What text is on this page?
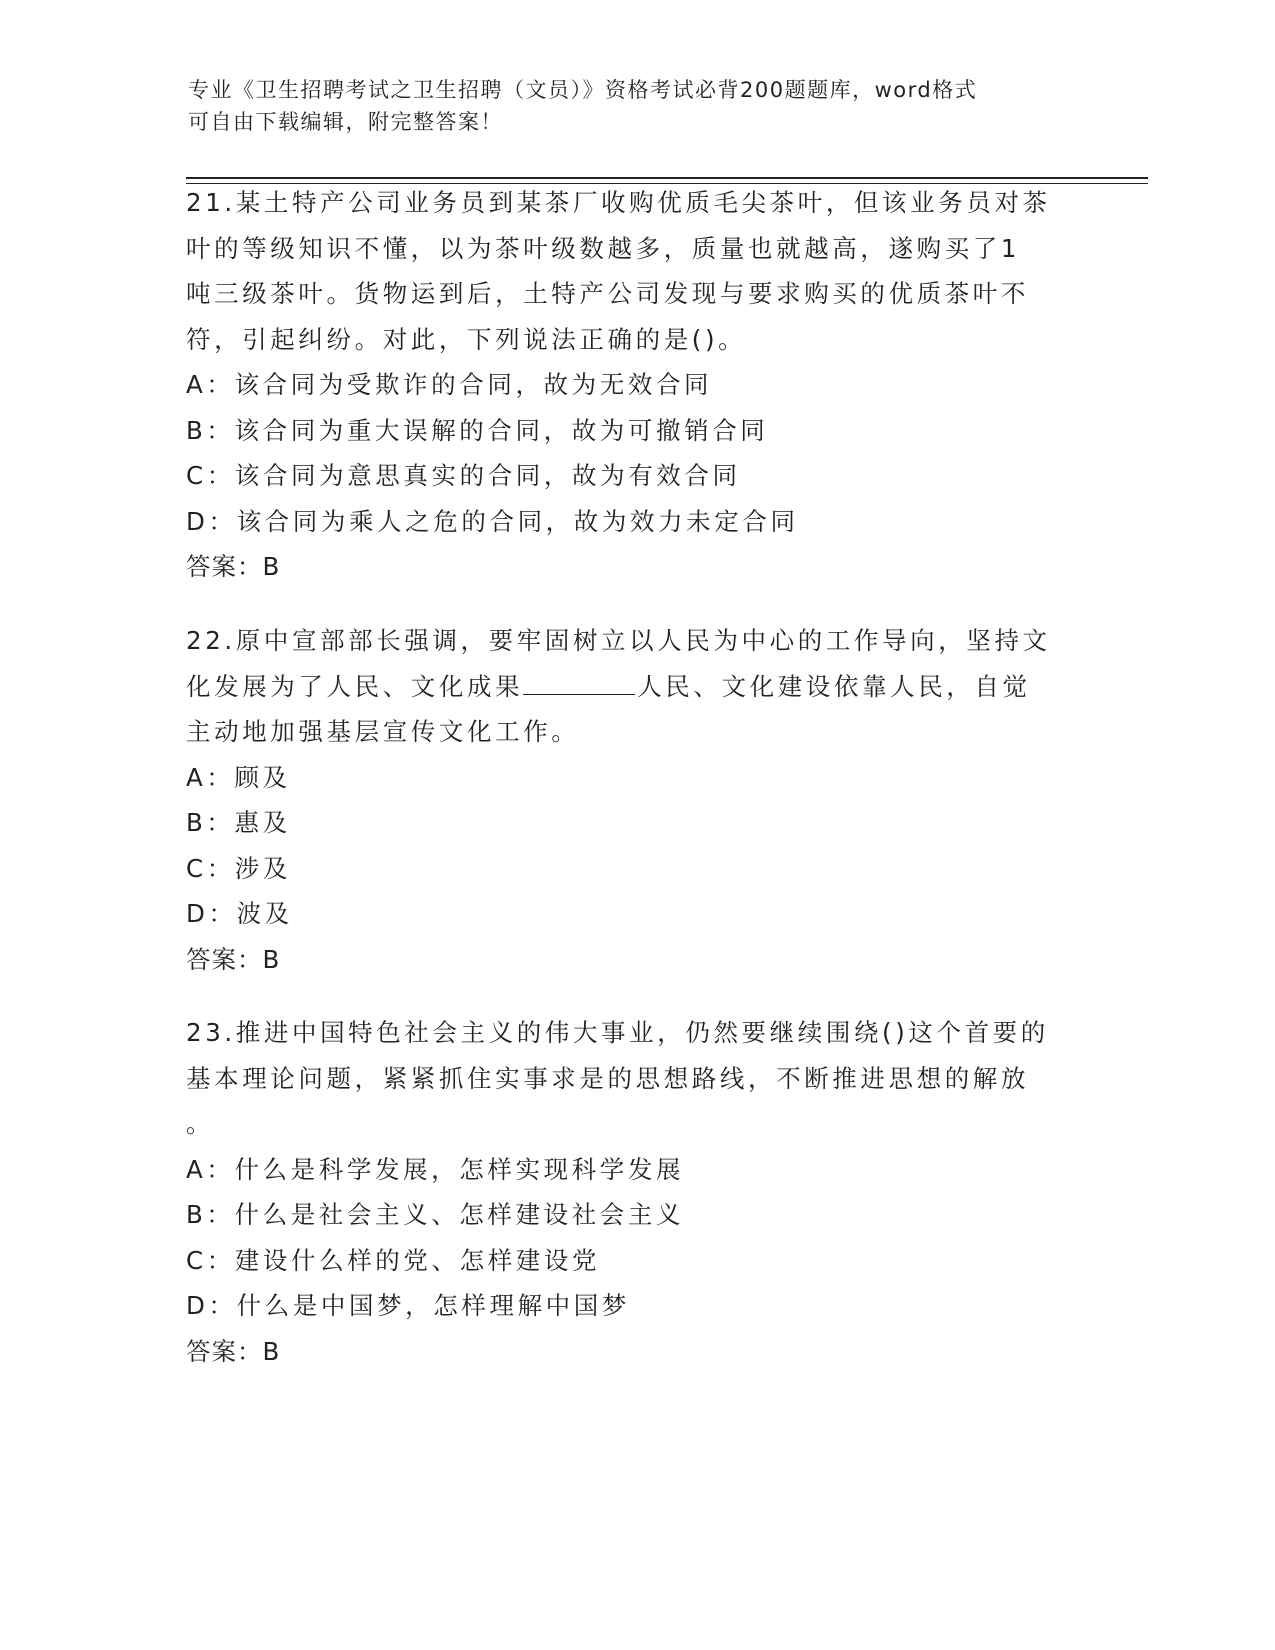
专业《卫生招聘考试之卫生招聘（文员）》资格考试必背200题题库，word格式
可自由下载编辑，附完整答案！
21.某土特产公司业务员到某茶厂收购优质毛尖茶叶，但该业务员对茶
叶的等级知识不懂，以为茶叶级数越多，质量也就越高，遂购买了1
吨三级茶叶。货物运到后，土特产公司发现与要求购买的优质茶叶不
符，引起纠纷。对此，下列说法正确的是()。
A：该合同为受欺诈的合同，故为无效合同
B：该合同为重大误解的合同，故为可撤销合同
C：该合同为意思真实的合同，故为有效合同
D：该合同为乘人之危的合同，故为效力未定合同
答案：B
22.原中宣部部长强调，要牢固树立以人民为中心的工作导向，坚持文
化发展为了人民、文化成果	人民、文化建设依靠人民，自觉
主动地加强基层宣传文化工作。
A：顾及
B：惠及
C：涉及
D：波及
答案：B
23.推进中国特色社会主义的伟大事业，仍然要继续围绕()这个首要的
基本理论问题，紧紧抓住实事求是的思想路线，不断推进思想的解放
。
A：什么是科学发展，怎样实现科学发展
B：什么是社会主义、怎样建设社会主义
C：建设什么样的党、怎样建设党
D：什么是中国梦，怎样理解中国梦
答案：B
